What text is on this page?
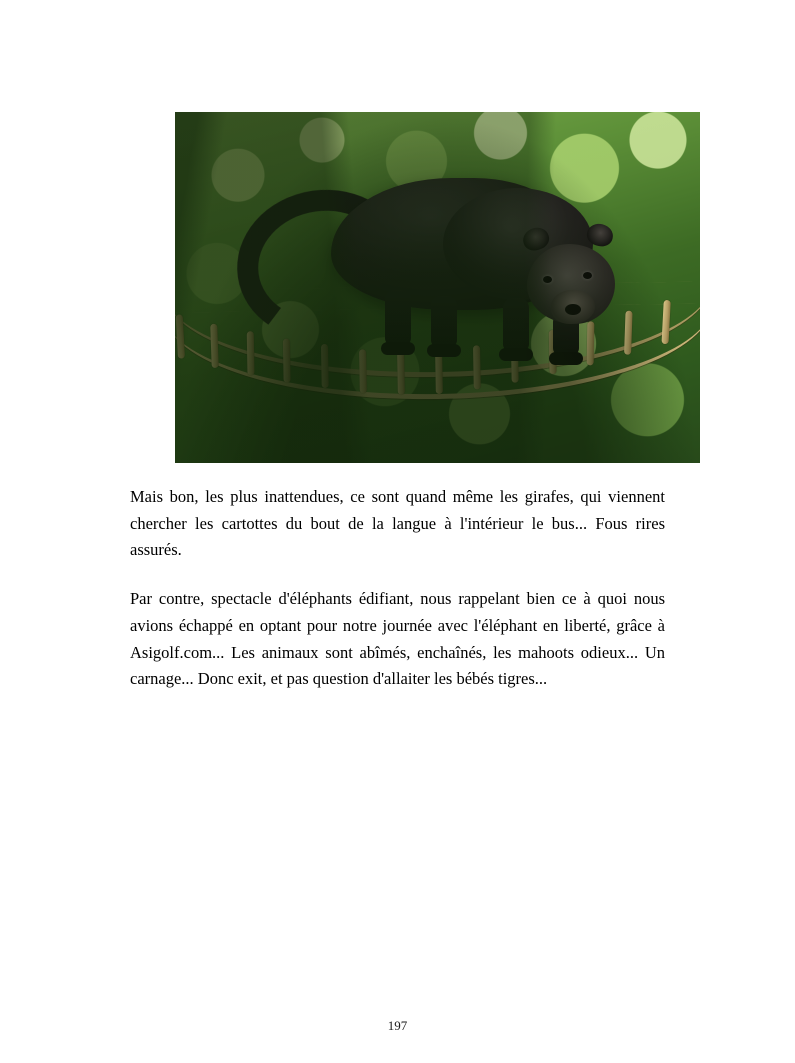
Mais bon, les plus inattendues, ce sont quand même les girafes, qui viennent chercher les cartottes du bout de la langue à l'intérieur le bus... Fous rires assurés.

Par contre, spectacle d'éléphants édifiant, nous rappelant bien ce à quoi nous avions échappé en optant pour notre journée avec l'éléphant en liberté, grâce à Asigolf.com... Les animaux sont abîmés, enchaînés, les mahoots odieux... Un carnage... Donc exit, et pas question d'allaiter les bébés tigres...

197
